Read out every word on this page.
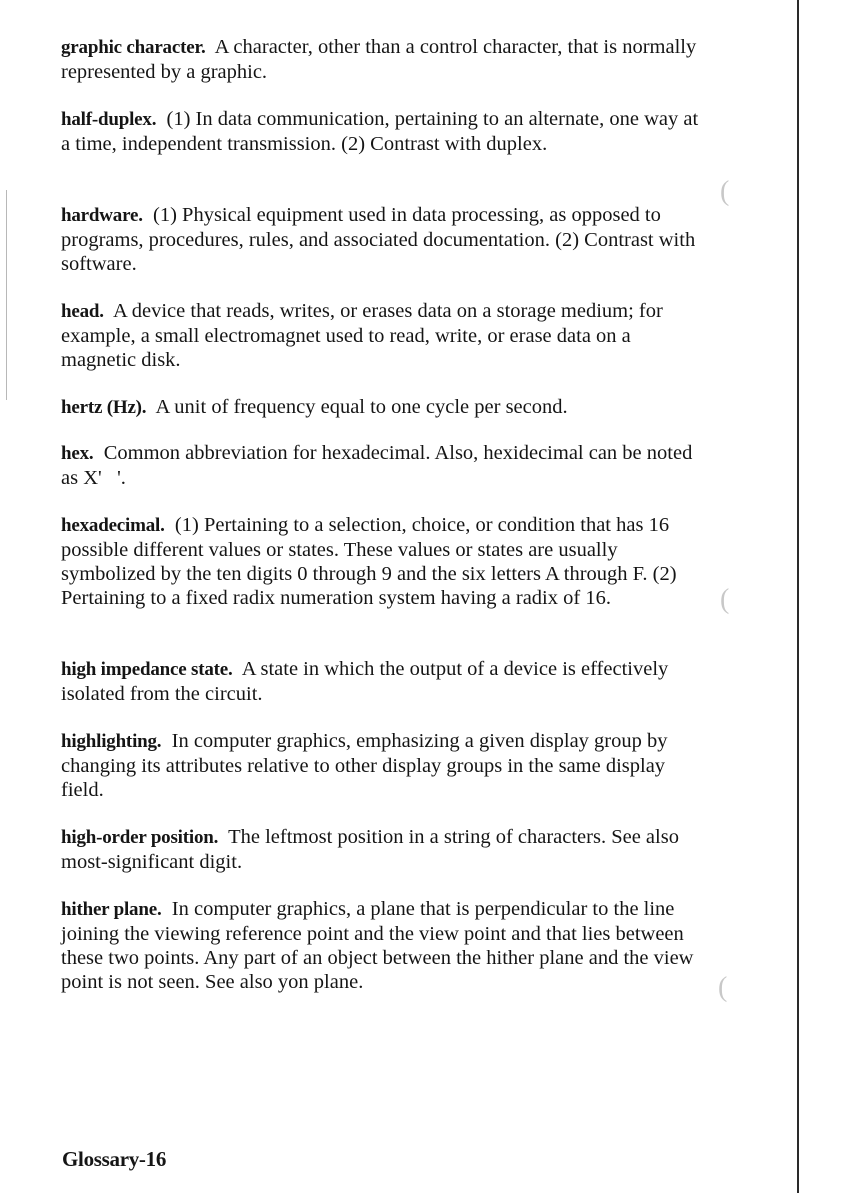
(
(
(
graphic character. A character, other than a control character, that is normally represented by a graphic.
half-duplex. (1) In data communication, pertaining to an alternate, one way at a time, independent transmission. (2) Contrast with duplex.
hardware. (1) Physical equipment used in data processing, as opposed to programs, procedures, rules, and associated documentation. (2) Contrast with software.
head. A device that reads, writes, or erases data on a storage medium; for example, a small electromagnet used to read, write, or erase data on a magnetic disk.
hertz (Hz). A unit of frequency equal to one cycle per second.
hex. Common abbreviation for hexadecimal. Also, hexidecimal can be noted as X'   '.
hexadecimal. (1) Pertaining to a selection, choice, or condition that has 16 possible different values or states. These values or states are usually symbolized by the ten digits 0 through 9 and the six letters A through F. (2) Pertaining to a fixed radix numeration system having a radix of 16.
high impedance state. A state in which the output of a device is effectively isolated from the circuit.
highlighting. In computer graphics, emphasizing a given display group by changing its attributes relative to other display groups in the same display field.
high-order position. The leftmost position in a string of characters. See also most-significant digit.
hither plane. In computer graphics, a plane that is perpendicular to the line joining the viewing reference point and the view point and that lies between these two points. Any part of an object between the hither plane and the view point is not seen. See also yon plane.
Glossary-16
